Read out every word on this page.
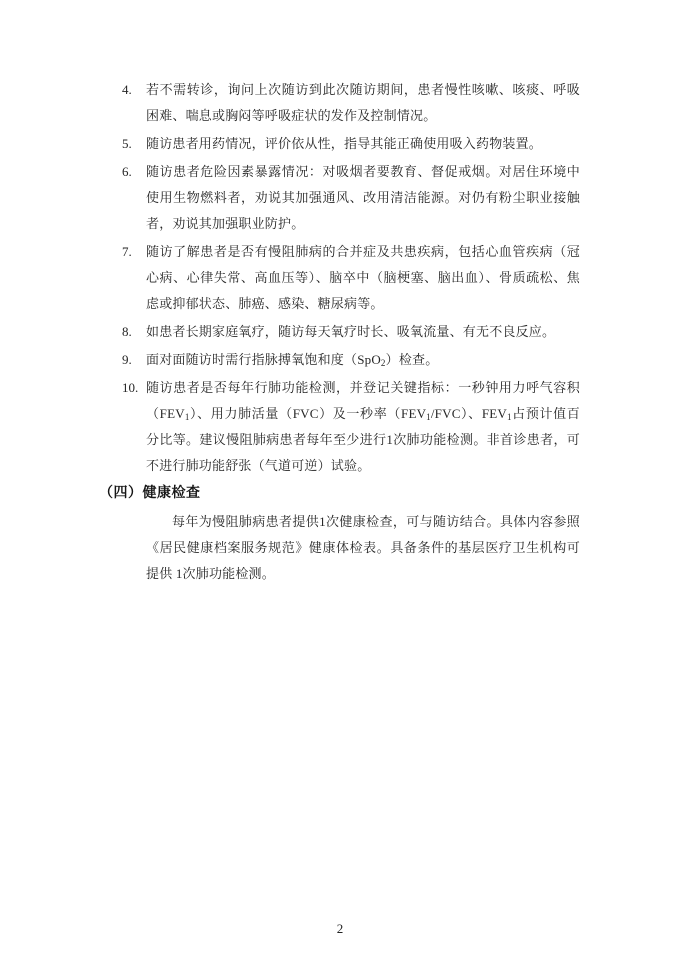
4. 若不需转诊，询问上次随访到此次随访期间，患者慢性咳嗽、咳痰、呼吸困难、喘息或胸闷等呼吸症状的发作及控制情况。
5. 随访患者用药情况，评价依从性，指导其能正确使用吸入药物装置。
6. 随访患者危险因素暴露情况：对吸烟者要教育、督促戒烟。对居住环境中使用生物燃料者，劝说其加强通风、改用清洁能源。对仍有粉尘职业接触者，劝说其加强职业防护。
7. 随访了解患者是否有慢阻肺病的合并症及共患疾病，包括心血管疾病（冠心病、心律失常、高血压等）、脑卒中（脑梗塞、脑出血）、骨质疏松、焦虑或抑郁状态、肺癌、感染、糖尿病等。
8. 如患者长期家庭氧疗，随访每天氧疗时长、吸氧流量、有无不良反应。
9. 面对面随访时需行指脉搏氧饱和度（SpO$_2$）检查。
10. 随访患者是否每年行肺功能检测，并登记关键指标：一秒钟用力呼气容积$(FEV_1)$、用力肺活量（FVC）及一秒率$(FEV_1/FVC)$、$FEV_1$占预计值百分比等。建议慢阻肺病患者每年至少进行1次肺功能检测。非首诊患者，可不进行肺功能舒张（气道可逆）试验。
（四）健康检查

每年为慢阻肺病患者提供1次健康检查，可与随访结合。具体内容参照《居民健康档案服务规范》健康体检表。具备条件的基层医疗卫生机构可提供 1次肺功能检测。

2
